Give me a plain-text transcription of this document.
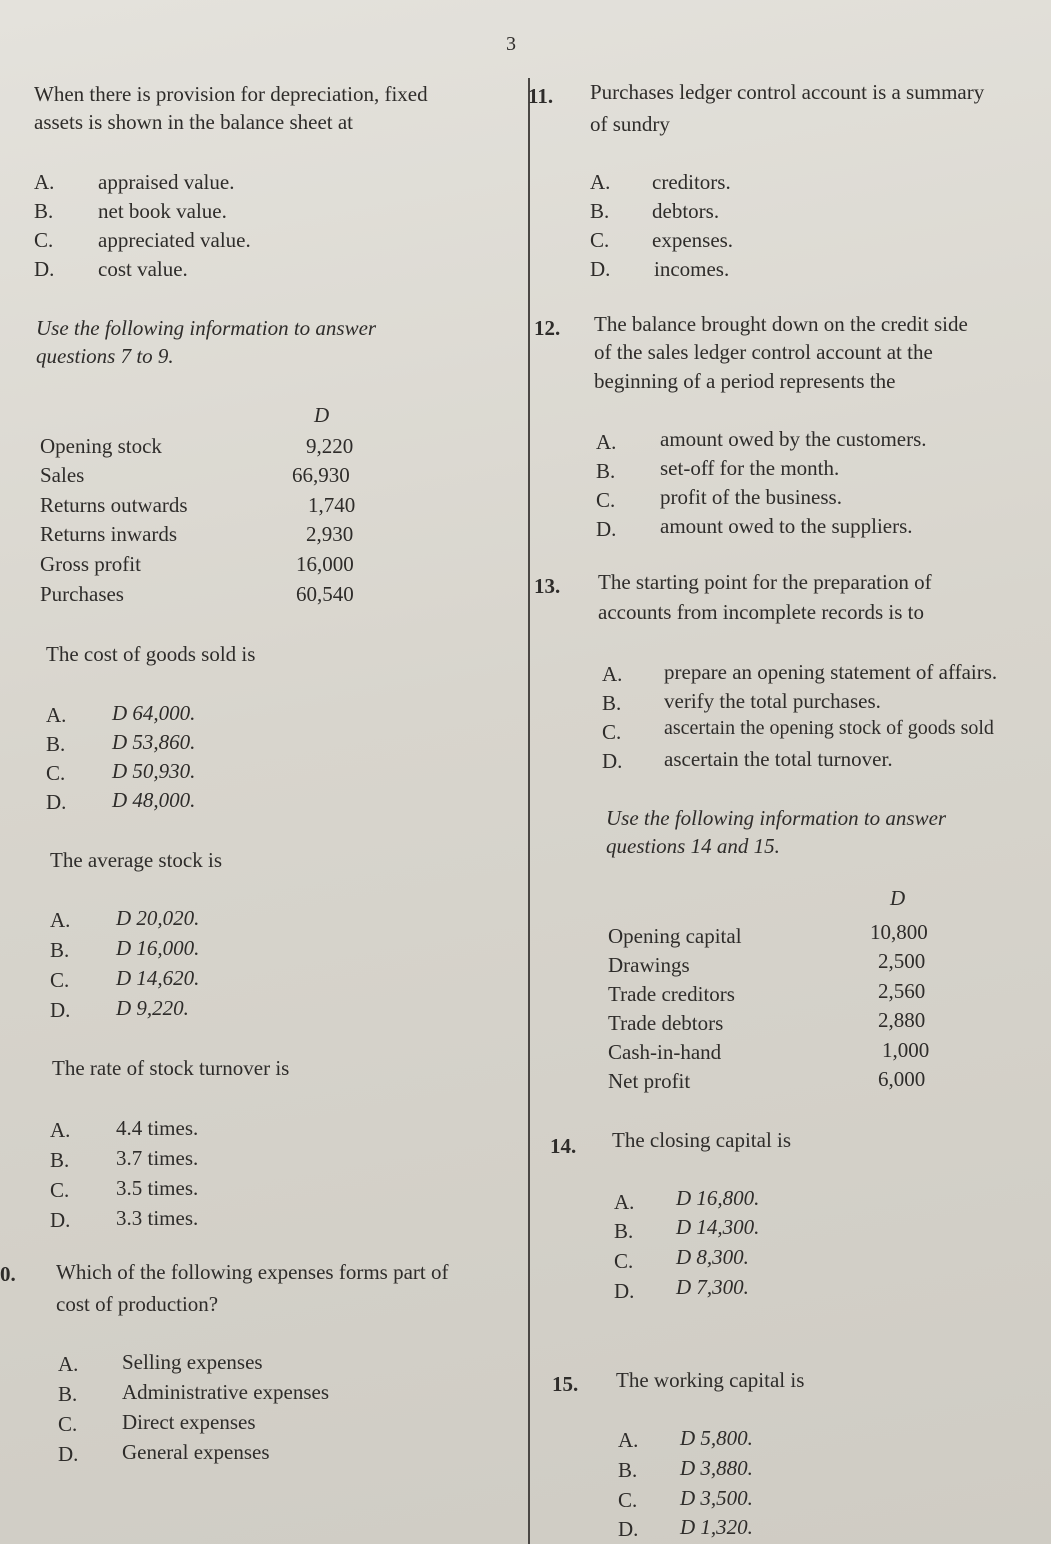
3
When there is provision for depreciation, fixed
assets is shown in the balance sheet at
A. appraised value.
B. net book value.
C. appreciated value.
D. cost value.
Use the following information to answer
questions 7 to 9.
D
Opening stock	9,220
Sales	66,930
Returns outwards	1,740
Returns inwards	2,930
Gross profit	16,000
Purchases	60,540
The cost of goods sold is
A. D 64,000.
B. D 53,860.
C. D 50,930.
D. D 48,000.
The average stock is
A. D 20,020.
B. D 16,000.
C. D 14,620.
D. D 9,220.
The rate of stock turnover is
A. 4.4 times.
B. 3.7 times.
C. 3.5 times.
D. 3.3 times.
0. Which of the following expenses forms part of
cost of production?
A. Selling expenses
B. Administrative expenses
C. Direct expenses
D. General expenses
11. Purchases ledger control account is a summary
of sundry
A. creditors.
B. debtors.
C. expenses.
D. incomes.
12. The balance brought down on the credit side
of the sales ledger control account at the
beginning of a period represents the
A. amount owed by the customers.
B. set-off for the month.
C. profit of the business.
D. amount owed to the suppliers.
13. The starting point for the preparation of
accounts from incomplete records is to
A. prepare an opening statement of affairs.
B. verify the total purchases.
C. ascertain the opening stock of goods sold
D. ascertain the total turnover.
Use the following information to answer
questions 14 and 15.
D
Opening capital	10,800
Drawings	2,500
Trade creditors	2,560
Trade debtors	2,880
Cash-in-hand	1,000
Net profit	6,000
14. The closing capital is
A. D 16,800.
B. D 14,300.
C. D 8,300.
D. D 7,300.
15. The working capital is
A. D 5,800.
B. D 3,880.
C. D 3,500.
D. D 1,320.
